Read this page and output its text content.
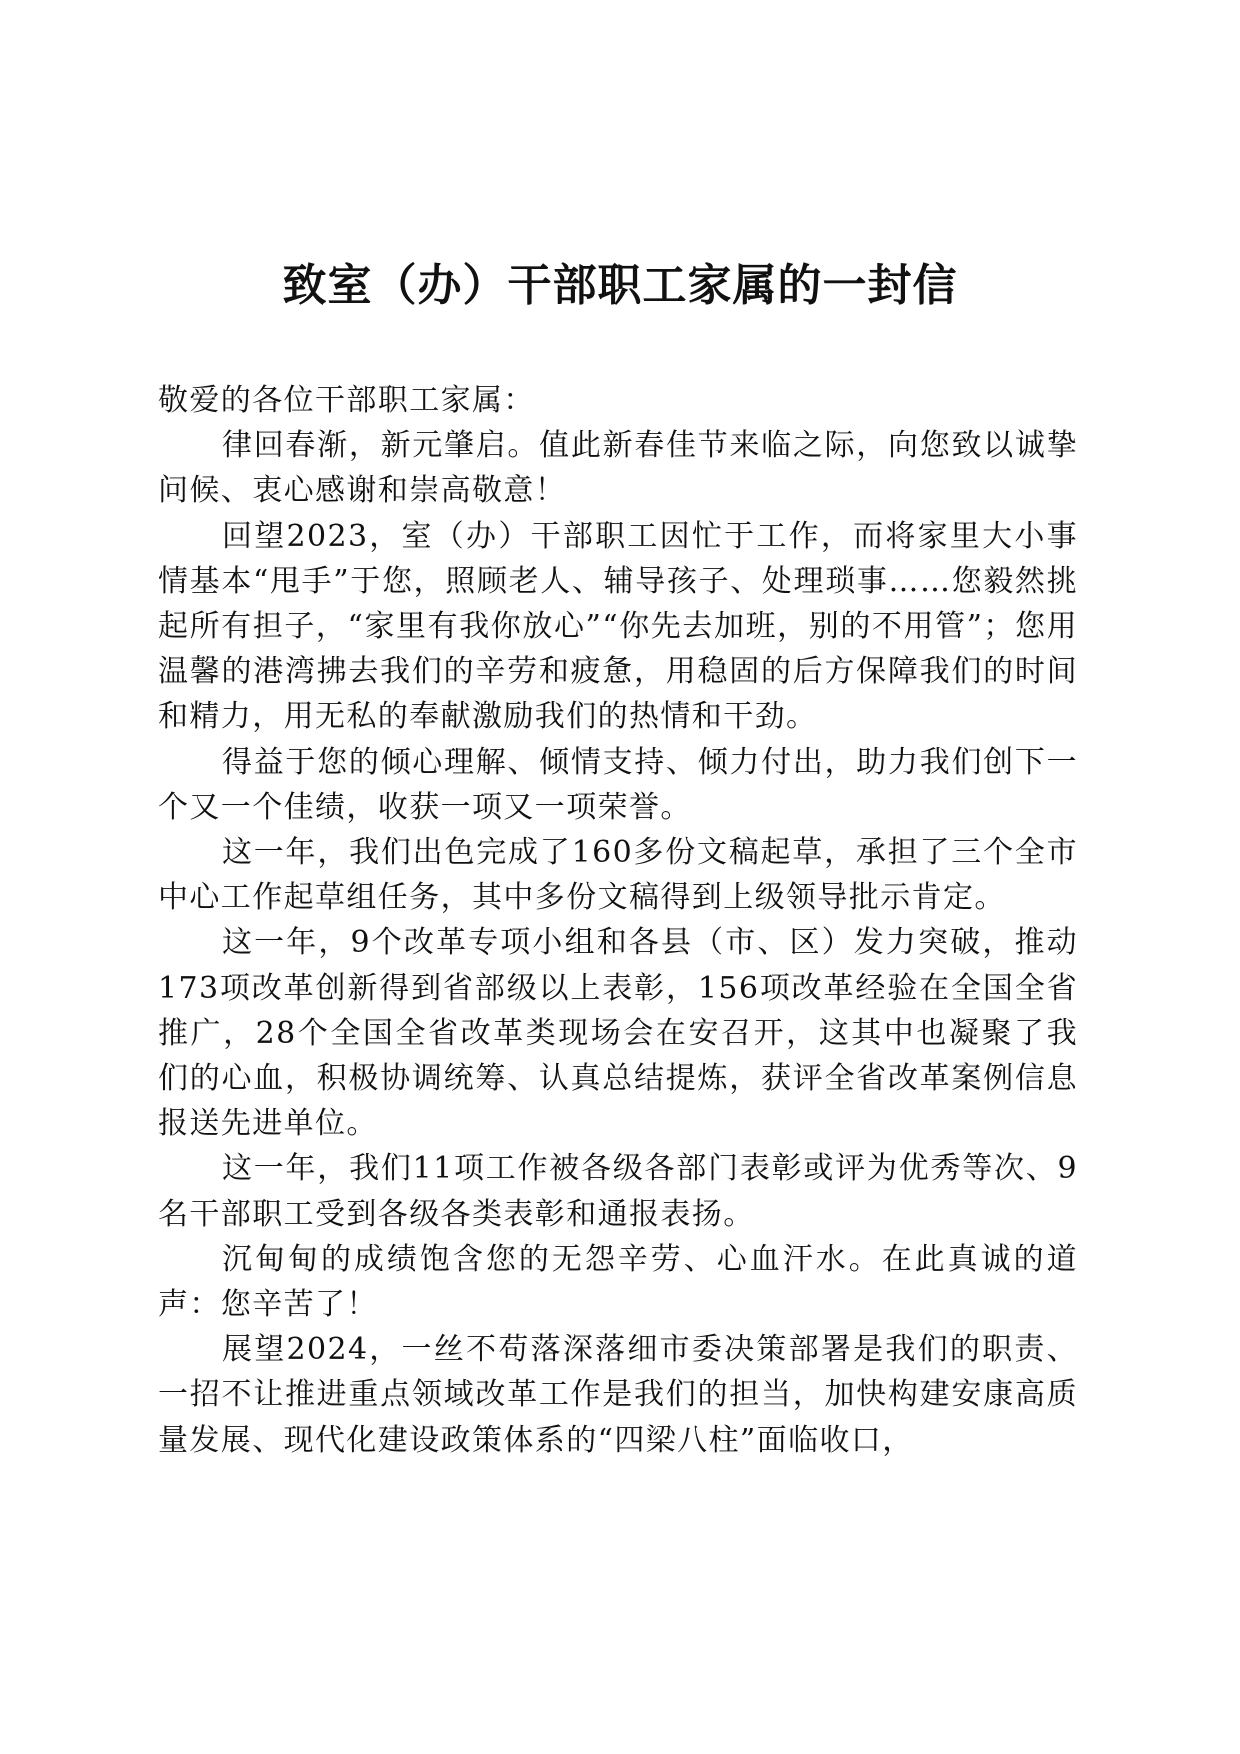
致室（办）干部职工家属的一封信

敬爱的各位干部职工家属：

律回春渐，新元肇启。值此新春佳节来临之际，向您致以诚挚问候、衷心感谢和崇高敬意！

回望2023，室（办）干部职工因忙于工作，而将家里大小事情基本“甩手”于您，照顾老人、辅导孩子、处理琐事……您毅然挑起所有担子，“家里有我你放心”“你先去加班，别的不用管”；您用温馨的港湾拂去我们的辛劳和疲惫，用稳固的后方保障我们的时间和精力，用无私的奉献激励我们的热情和干劲。

得益于您的倾心理解、倾情支持、倾力付出，助力我们创下一个又一个佳绩，收获一项又一项荣誉。

这一年，我们出色完成了160多份文稿起草，承担了三个全市中心工作起草组任务，其中多份文稿得到上级领导批示肯定。

这一年，9个改革专项小组和各县（市、区）发力突破，推动173项改革创新得到省部级以上表彰，156项改革经验在全国全省推广，28个全国全省改革类现场会在安召开，这其中也凝聚了我们的心血，积极协调统筹、认真总结提炼，获评全省改革案例信息报送先进单位。

这一年，我们11项工作被各级各部门表彰或评为优秀等次、9名干部职工受到各级各类表彰和通报表扬。

沉甸甸的成绩饱含您的无怨辛劳、心血汗水。在此真诚的道声：您辛苦了！

展望2024，一丝不苟落深落细市委决策部署是我们的职责、一招不让推进重点领域改革工作是我们的担当，加快构建安康高质量发展、现代化建设政策体系的“四梁八柱”面临收口，
